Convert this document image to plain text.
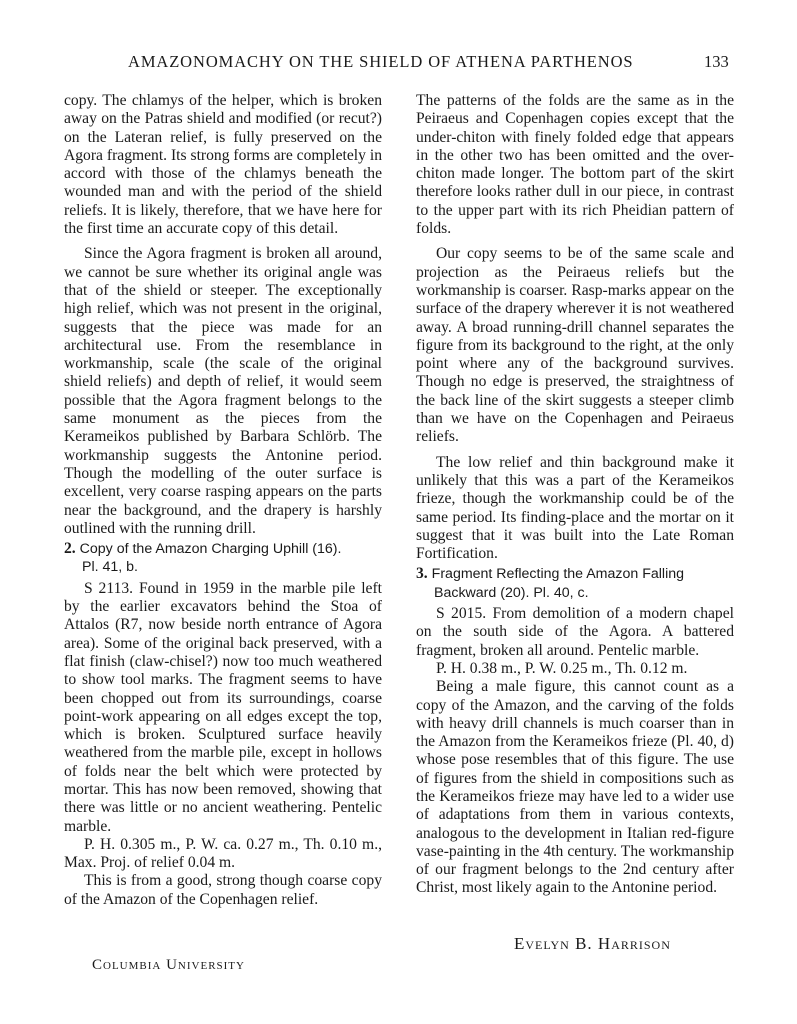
AMAZONOMACHY ON THE SHIELD OF ATHENA PARTHENOS	133

copy. The chlamys of the helper, which is broken away on the Patras shield and modified (or recut?) on the Lateran relief, is fully preserved on the Agora fragment. Its strong forms are completely in accord with those of the chlamys beneath the wounded man and with the period of the shield reliefs. It is likely, therefore, that we have here for the first time an accurate copy of this detail.

Since the Agora fragment is broken all around, we cannot be sure whether its original angle was that of the shield or steeper. The exceptionally high relief, which was not present in the original, suggests that the piece was made for an architectural use. From the resemblance in workmanship, scale (the scale of the original shield reliefs) and depth of relief, it would seem possible that the Agora fragment belongs to the same monument as the pieces from the Kerameikos published by Barbara Schlörb. The workmanship suggests the Antonine period. Though the modelling of the outer surface is excellent, very coarse rasping appears on the parts near the background, and the drapery is harshly outlined with the running drill.

2. Copy of the Amazon Charging Uphill (16).
Pl. 41, b.

S 2113. Found in 1959 in the marble pile left by the earlier excavators behind the Stoa of Attalos (R7, now beside north entrance of Agora area). Some of the original back preserved, with a flat finish (claw-chisel?) now too much weathered to show tool marks. The fragment seems to have been chopped out from its surroundings, coarse point-work appearing on all edges except the top, which is broken. Sculptured surface heavily weathered from the marble pile, except in hollows of folds near the belt which were protected by mortar. This has now been removed, showing that there was little or no ancient weathering. Pentelic marble.

P. H. 0.305 m., P. W. ca. 0.27 m., Th. 0.10 m., Max. Proj. of relief 0.04 m.

This is from a good, strong though coarse copy of the Amazon of the Copenhagen relief.

The patterns of the folds are the same as in the Peiraeus and Copenhagen copies except that the under-chiton with finely folded edge that appears in the other two has been omitted and the over-chiton made longer. The bottom part of the skirt therefore looks rather dull in our piece, in contrast to the upper part with its rich Pheidian pattern of folds.

Our copy seems to be of the same scale and projection as the Peiraeus reliefs but the workmanship is coarser. Rasp-marks appear on the surface of the drapery wherever it is not weathered away. A broad running-drill channel separates the figure from its background to the right, at the only point where any of the background survives. Though no edge is preserved, the straightness of the back line of the skirt suggests a steeper climb than we have on the Copenhagen and Peiraeus reliefs.

The low relief and thin background make it unlikely that this was a part of the Kerameikos frieze, though the workmanship could be of the same period. Its finding-place and the mortar on it suggest that it was built into the Late Roman Fortification.

3. Fragment Reflecting the Amazon Falling
Backward (20). Pl. 40, c.

S 2015. From demolition of a modern chapel on the south side of the Agora. A battered fragment, broken all around. Pentelic marble.

P. H. 0.38 m., P. W. 0.25 m., Th. 0.12 m.

Being a male figure, this cannot count as a copy of the Amazon, and the carving of the folds with heavy drill channels is much coarser than in the Amazon from the Kerameikos frieze (Pl. 40, d) whose pose resembles that of this figure. The use of figures from the shield in compositions such as the Kerameikos frieze may have led to a wider use of adaptations from them in various contexts, analogous to the development in Italian red-figure vase-painting in the 4th century. The workmanship of our fragment belongs to the 2nd century after Christ, most likely again to the Antonine period.

Evelyn B. Harrison
Columbia University
